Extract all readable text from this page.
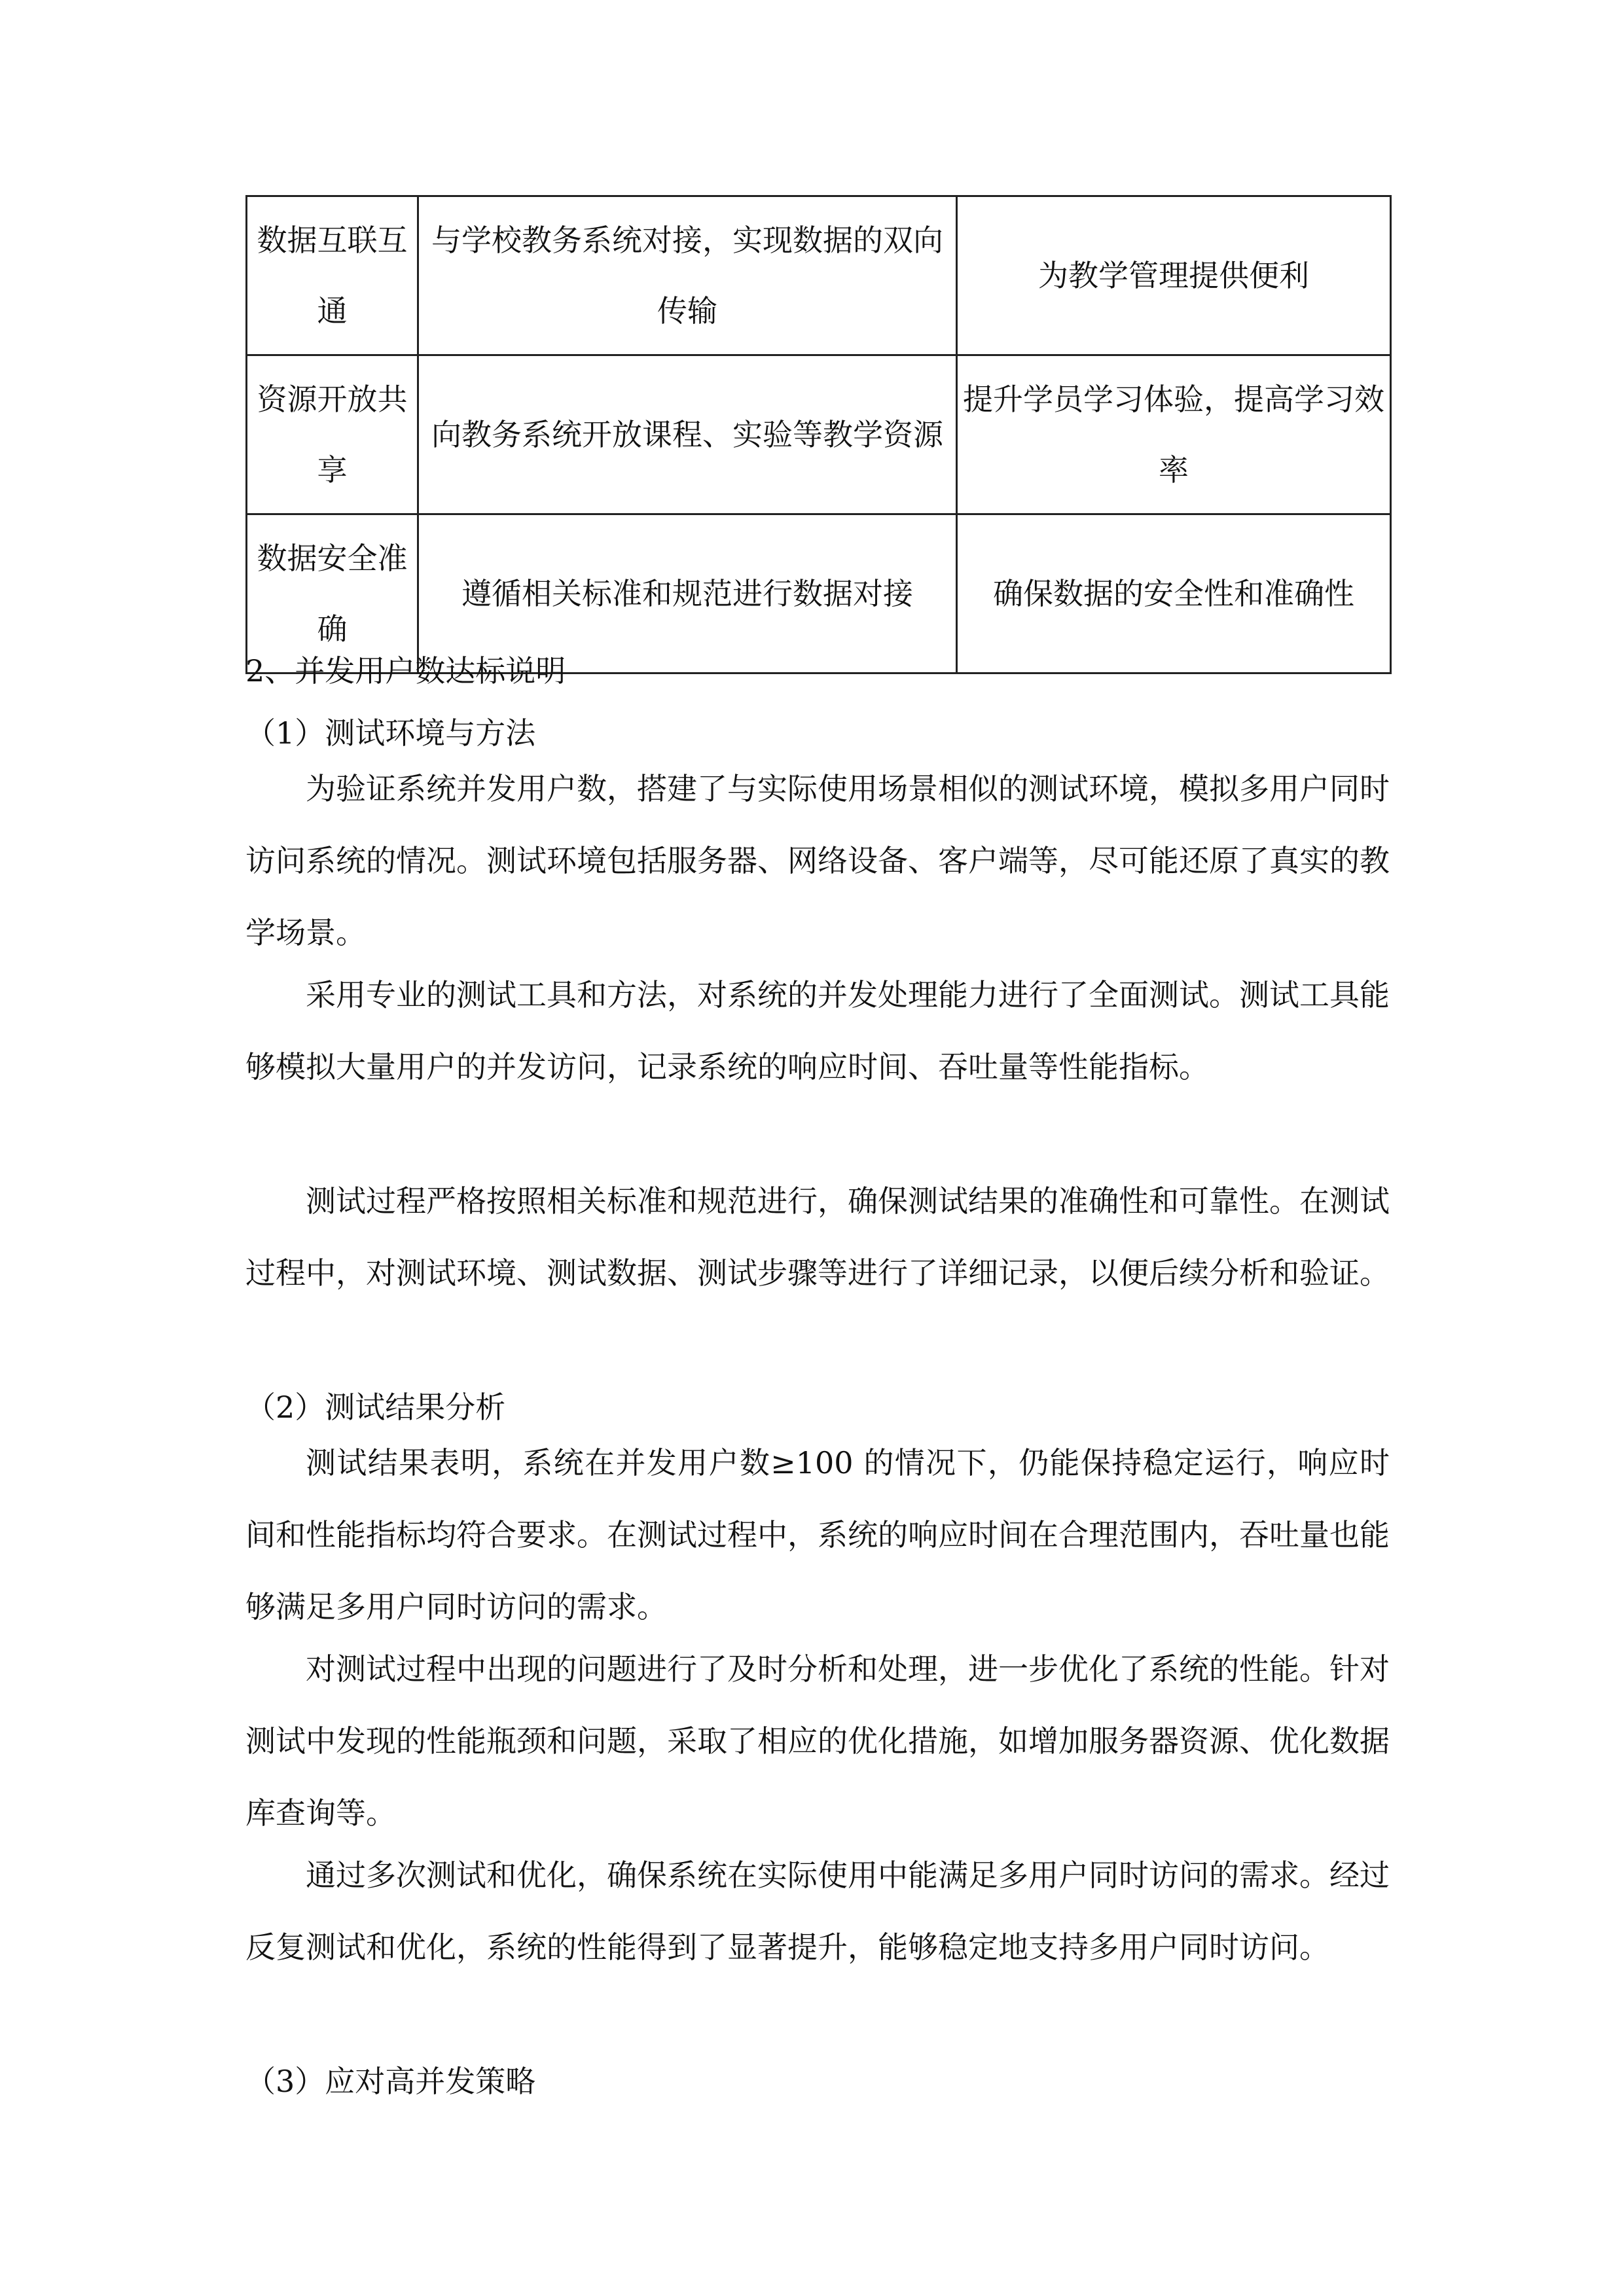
数据互联互通	与学校教务系统对接，实现数据的双向传输	为教学管理提供便利
资源开放共享	向教务系统开放课程、实验等教学资源	提升学员学习体验，提高学习效率
数据安全准确	遵循相关标准和规范进行数据对接	确保数据的安全性和准确性
2、并发用户数达标说明
（1）测试环境与方法

为验证系统并发用户数，搭建了与实际使用场景相似的测试环境，模拟多用户同时访问系统的情况。测试环境包括服务器、网络设备、客户端等，尽可能还原了真实的教学场景。

采用专业的测试工具和方法，对系统的并发处理能力进行了全面测试。测试工具能够模拟大量用户的并发访问，记录系统的响应时间、吞吐量等性能指标。

测试过程严格按照相关标准和规范进行，确保测试结果的准确性和可靠性。在测试过程中，对测试环境、测试数据、测试步骤等进行了详细记录，以便后续分析和验证。

（2）测试结果分析

测试结果表明，系统在并发用户数≥100 的情况下，仍能保持稳定运行，响应时间和性能指标均符合要求。在测试过程中，系统的响应时间在合理范围内，吞吐量也能够满足多用户同时访问的需求。

对测试过程中出现的问题进行了及时分析和处理，进一步优化了系统的性能。针对测试中发现的性能瓶颈和问题，采取了相应的优化措施，如增加服务器资源、优化数据库查询等。

通过多次测试和优化，确保系统在实际使用中能满足多用户同时访问的需求。经过反复测试和优化，系统的性能得到了显著提升，能够稳定地支持多用户同时访问。

（3）应对高并发策略
